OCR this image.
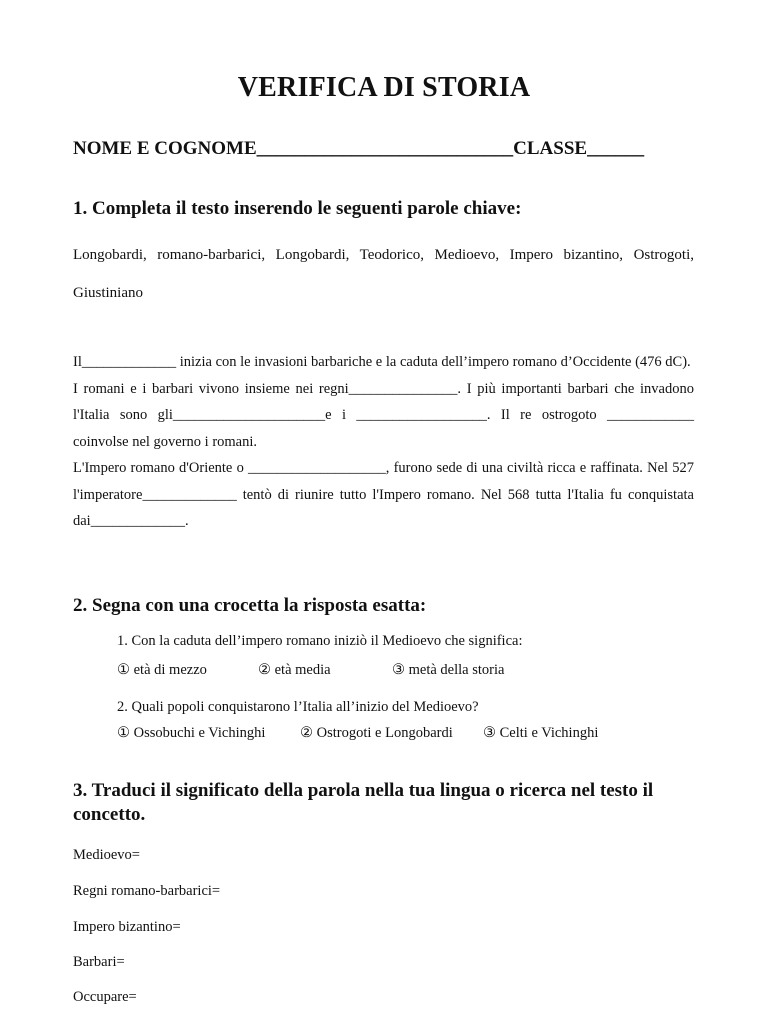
VERIFICA DI STORIA
NOME E COGNOME___________________________CLASSE______
1. Completa il testo inserendo le seguenti parole chiave:
Longobardi, romano-barbarici, Longobardi, Teodorico, Medioevo, Impero bizantino, Ostrogoti, Giustiniano

Il_____________ inizia con le invasioni barbariche e la caduta dell’impero romano d’Occidente (476 dC).

I romani e i barbari vivono insieme nei regni_______________. I più importanti barbari che invadono l'Italia sono gli_____________________e i __________________. Il re ostrogoto ____________ coinvolse nel governo i romani.

L'Impero romano d'Oriente o ___________________, furono sede di una civiltà ricca e raffinata. Nel 527 l'imperatore_____________ tentò di riunire tutto l'Impero romano. Nel 568 tutta l'Italia fu conquistata dai_____________.

2. Segna con una crocetta la risposta esatta:
1. Con la caduta dell’impero romano iniziò il Medioevo che significa:
① età di mezzo	② età media	③ metà della storia
2. Quali popoli conquistarono l’Italia all’inizio del Medioevo?
① Ossobuchi e Vichinghi ② Ostrogoti e Longobardi ③ Celti e Vichinghi
3. Traduci il significato della parola nella tua lingua o ricerca nel testo il concetto.
Medioevo=
Regni romano-barbarici=
Impero bizantino=
Barbari=
Occupare=
